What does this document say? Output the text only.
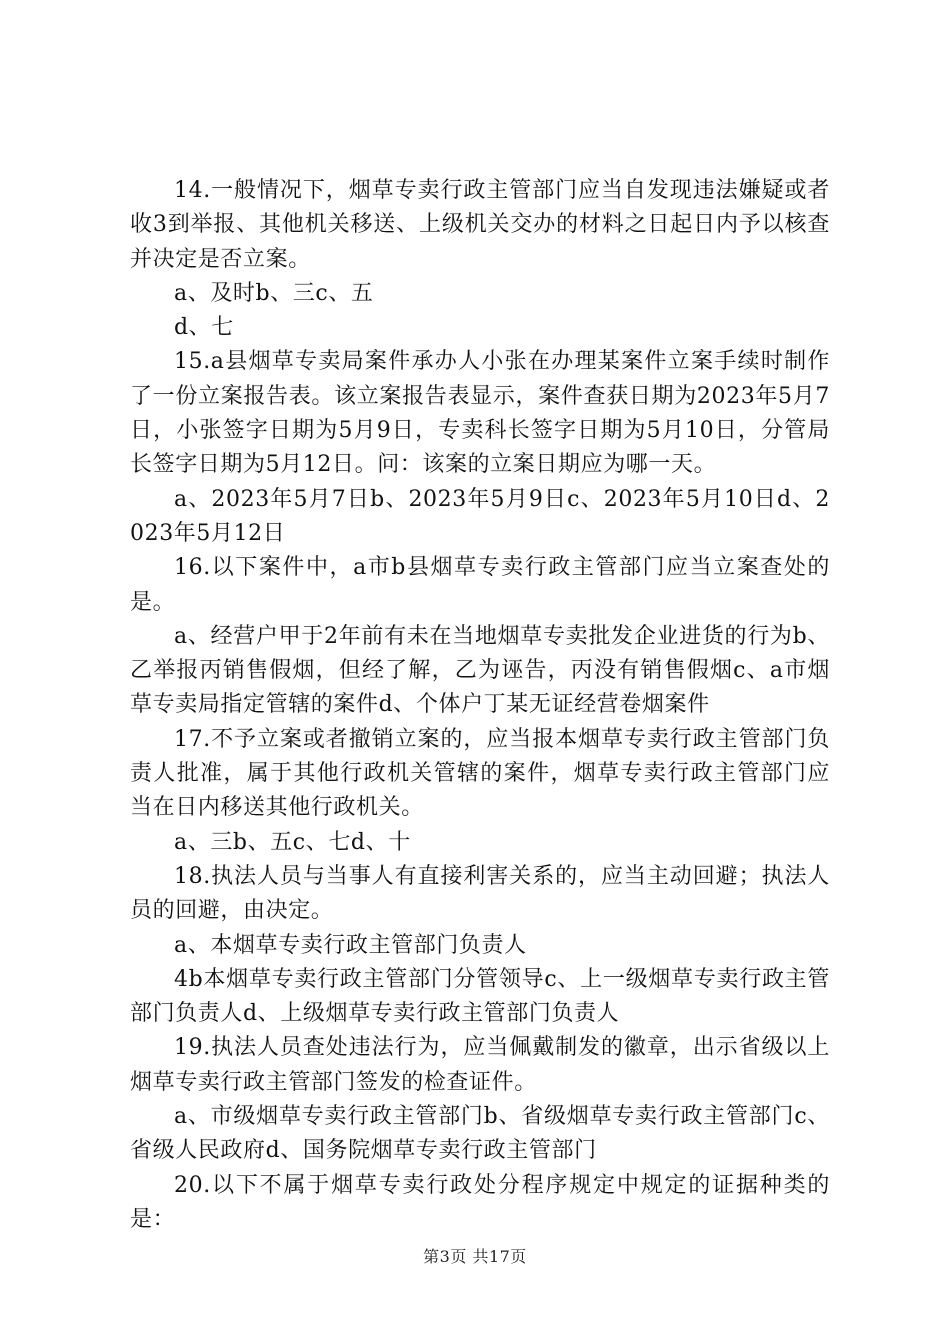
14.一般情况下，烟草专卖行政主管部门应当自发现违法嫌疑或者收3到举报、其他机关移送、上级机关交办的材料之日起日内予以核查并决定是否立案。

a、及时b、三c、五

d、七

15.a县烟草专卖局案件承办人小张在办理某案件立案手续时制作了一份立案报告表。该立案报告表显示，案件查获日期为2023年5月7日，小张签字日期为5月9日，专卖科长签字日期为5月10日，分管局长签字日期为5月12日。问：该案的立案日期应为哪一天。

a、2023年5月7日b、2023年5月9日c、2023年5月10日d、2023年5月12日

16.以下案件中，a市b县烟草专卖行政主管部门应当立案查处的是。

a、经营户甲于2年前有未在当地烟草专卖批发企业进货的行为b、乙举报丙销售假烟，但经了解，乙为诬告，丙没有销售假烟c、a市烟草专卖局指定管辖的案件d、个体户丁某无证经营卷烟案件

17.不予立案或者撤销立案的，应当报本烟草专卖行政主管部门负责人批准，属于其他行政机关管辖的案件，烟草专卖行政主管部门应当在日内移送其他行政机关。

a、三b、五c、七d、十

18.执法人员与当事人有直接利害关系的，应当主动回避；执法人员的回避，由决定。

a、本烟草专卖行政主管部门负责人

4b本烟草专卖行政主管部门分管领导c、上一级烟草专卖行政主管部门负责人d、上级烟草专卖行政主管部门负责人

19.执法人员查处违法行为，应当佩戴制发的徽章，出示省级以上烟草专卖行政主管部门签发的检查证件。

a、市级烟草专卖行政主管部门b、省级烟草专卖行政主管部门c、省级人民政府d、国务院烟草专卖行政主管部门

20.以下不属于烟草专卖行政处分程序规定中规定的证据种类的是：

第3页 共17页
